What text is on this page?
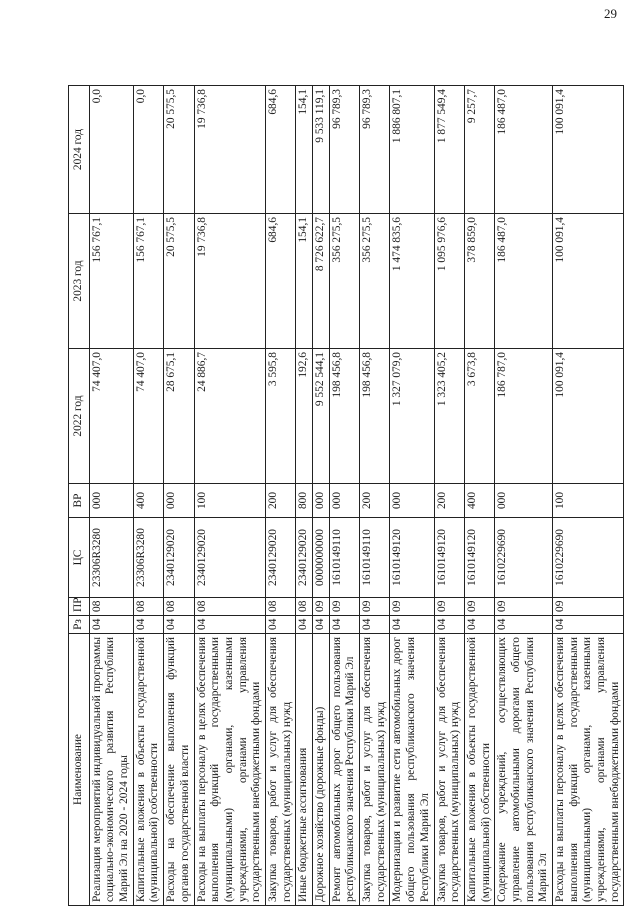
29
Наименование	Рз	ПР	ЦС	ВР	2022 год	2023 год	2024 год
Реализация мероприятий индивидуальной программы социально-экономического развития Республики Марий Эл на 2020 - 2024 годы	04	08	23306R3280	000	74 407,0	156 767,1	0,0
Капитальные вложения в объекты государственной (муниципальной) собственности	04	08	23306R3280	400	74 407,0	156 767,1	0,0
Расходы на обеспечение выполнения функций органов государственной власти	04	08	2340129020	000	28 675,1	20 575,5	20 575,5
Расходы на выплаты персоналу в целях обеспечения выполнения функций государственными (муниципальными) органами, казенными учреждениями, органами управления государственными внебюджетными фондами	04	08	2340129020	100	24 886,7	19 736,8	19 736,8
Закупка товаров, работ и услуг для обеспечения государственных (муниципальных) нужд	04	08	2340129020	200	3 595,8	684,6	684,6
Иные бюджетные ассигнования	04	08	2340129020	800	192,6	154,1	154,1
Дорожное хозяйство (дорожные фонды)	04	09	0000000000	000	9 552 544,1	8 726 622,7	9 533 119,1
Ремонт автомобильных дорог общего пользования республиканского значения Республики Марий Эл	04	09	1610149110	000	198 456,8	356 275,5	96 789,3
Закупка товаров, работ и услуг для обеспечения государственных (муниципальных) нужд	04	09	1610149110	200	198 456,8	356 275,5	96 789,3
Модернизация и развитие сети автомобильных дорог общего пользования республиканского значения Республики Марий Эл	04	09	1610149120	000	1 327 079,0	1 474 835,6	1 886 807,1
Закупка товаров, работ и услуг для обеспечения государственных (муниципальных) нужд	04	09	1610149120	200	1 323 405,2	1 095 976,6	1 877 549,4
Капитальные вложения в объекты государственной (муниципальной) собственности	04	09	1610149120	400	3 673,8	378 859,0	9 257,7
Содержание учреждений, осуществляющих управление автомобильными дорогами общего пользования республиканского значения Республики Марий Эл	04	09	1610229690	000	186 787,0	186 487,0	186 487,0
Расходы на выплаты персоналу в целях обеспечения выполнения функций государственными (муниципальными) органами, казенными учреждениями, органами управления государственными внебюджетными фондами	04	09	1610229690	100	100 091,4	100 091,4	100 091,4
